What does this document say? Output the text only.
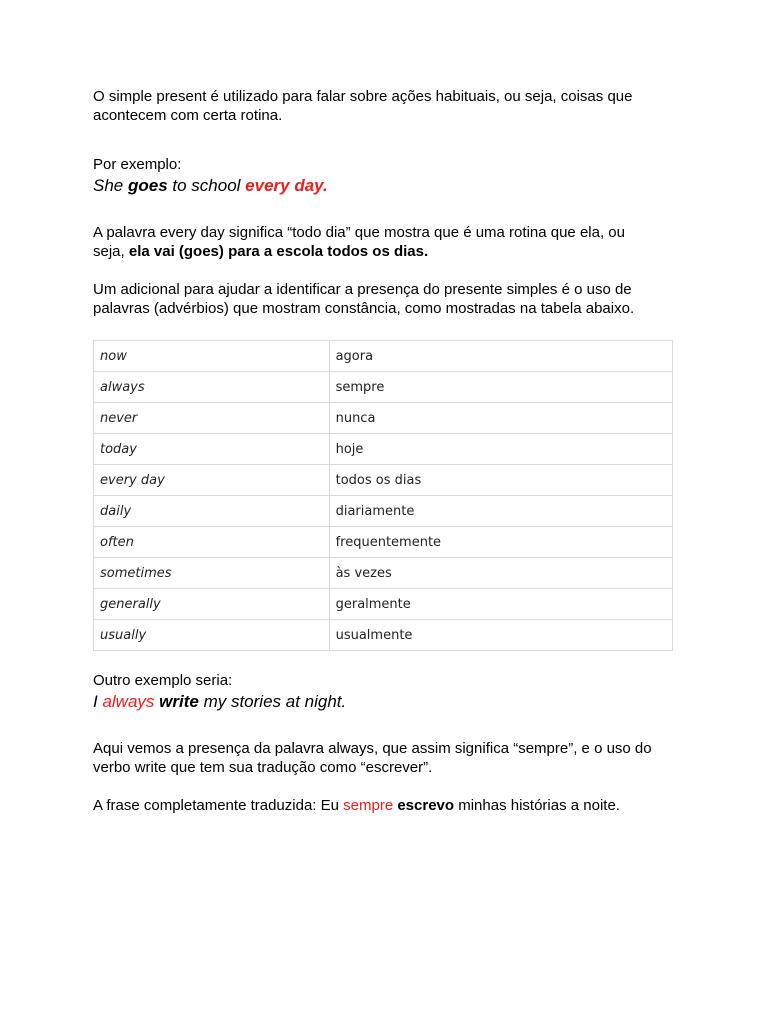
O simple present é utilizado para falar sobre ações habituais, ou seja, coisas que
acontecem com certa rotina.

Por exemplo:

She goes to school every day.

A palavra every day significa “todo dia” que mostra que é uma rotina que ela, ou
seja, ela vai (goes) para a escola todos os dias.

Um adicional para ajudar a identificar a presença do presente simples é o uso de
palavras (advérbios) que mostram constância, como mostradas na tabela abaixo.

now	agora
always	sempre
never	nunca
today	hoje
every day	todos os dias
daily	diariamente
often	frequentemente
sometimes	às vezes
generally	geralmente
usually	usualmente

Outro exemplo seria:

I always write my stories at night.

Aqui vemos a presença da palavra always, que assim significa “sempre”, e o uso do
verbo write que tem sua tradução como “escrever”.

A frase completamente traduzida: Eu sempre escrevo minhas histórias a noite.
